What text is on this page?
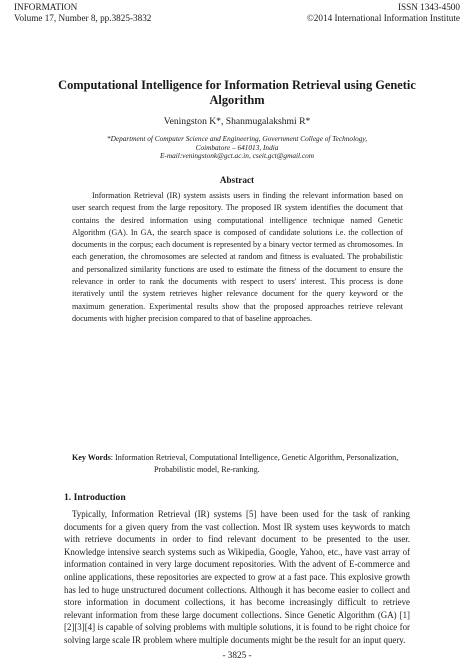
INFORMATION
Volume 17, Number 8, pp.3825-3832
ISSN 1343-4500
©2014 International Information Institute
Computational Intelligence for Information Retrieval using Genetic Algorithm
Veningston K*, Shanmugalakshmi R*
*Department of Computer Science and Engineering, Government College of Technology,
Coimbatore – 641013, India
E-mail:veningstonk@gct.ac.in, cseit.gct@gmail.com
Abstract

Information Retrieval (IR) system assists users in finding the relevant information based on user search request from the large repository. The proposed IR system identifies the document that contains the desired information using computational intelligence technique named Genetic Algorithm (GA). In GA, the search space is composed of candidate solutions i.e. the collection of documents in the corpus; each document is represented by a binary vector termed as chromosomes. In each generation, the chromosomes are selected at random and fitness is evaluated. The probabilistic and personalized similarity functions are used to estimate the fitness of the document to ensure the relevance in order to rank the documents with respect to users' interest. This process is done iteratively until the system retrieves higher relevance document for the query keyword or the maximum generation. Experimental results show that the proposed approaches retrieve relevant documents with higher precision compared to that of baseline approaches.

Key Words: Information Retrieval, Computational Intelligence, Genetic Algorithm, Personalization, Probabilistic model, Re-ranking.

1. Introduction

Typically, Information Retrieval (IR) systems [5] have been used for the task of ranking documents for a given query from the vast collection. Most IR system uses keywords to match with retrieve documents in order to find relevant document to be presented to the user. Knowledge intensive search systems such as Wikipedia, Google, Yahoo, etc., have vast array of information contained in very large document repositories. With the advent of E-commerce and online applications, these repositories are expected to grow at a fast pace. This explosive growth has led to huge unstructured document collections. Although it has become easier to collect and store information in document collections, it has become increasingly difficult to retrieve relevant information from these large document collections. Since Genetic Algorithm (GA) [1][2][3][4] is capable of solving problems with multiple solutions, it is found to be right choice for solving large scale IR problem where multiple documents might be the result for an input query.

- 3825 -
